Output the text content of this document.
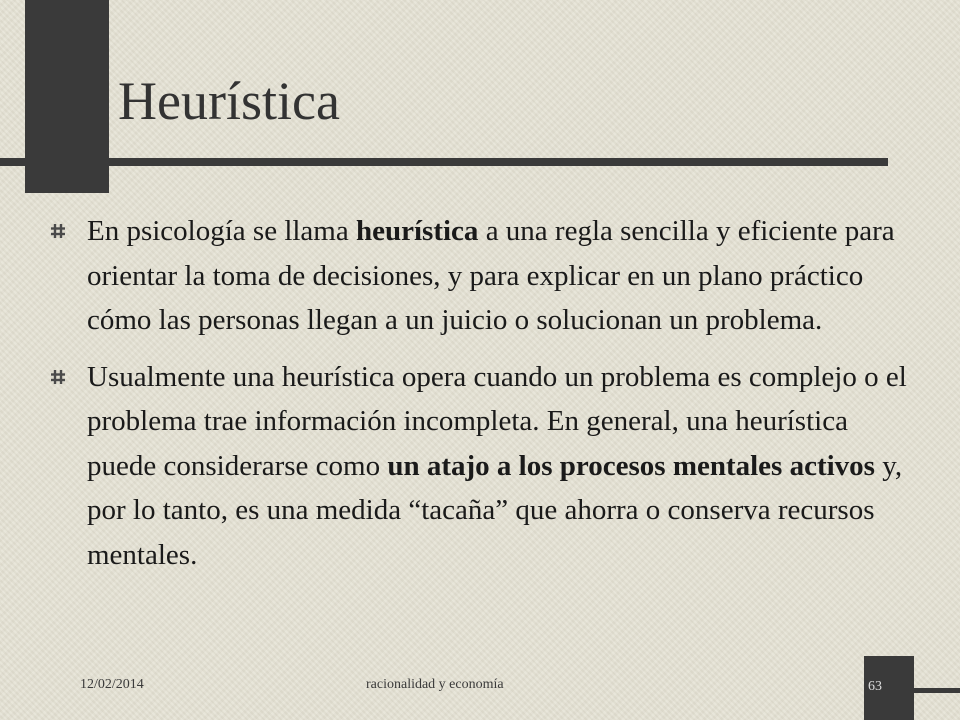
Heurística
En psicología se llama heurística a una regla sencilla y eficiente para orientar la toma de decisiones, y para explicar en un plano práctico cómo las personas llegan a un juicio o solucionan un problema.
Usualmente una heurística opera cuando un problema es complejo o el problema trae información incompleta. En general, una heurística puede considerarse como un atajo a los procesos mentales activos y, por lo tanto, es una medida “tacaña” que ahorra o conserva recursos mentales.
12/02/2014	racionalidad y economía	63
